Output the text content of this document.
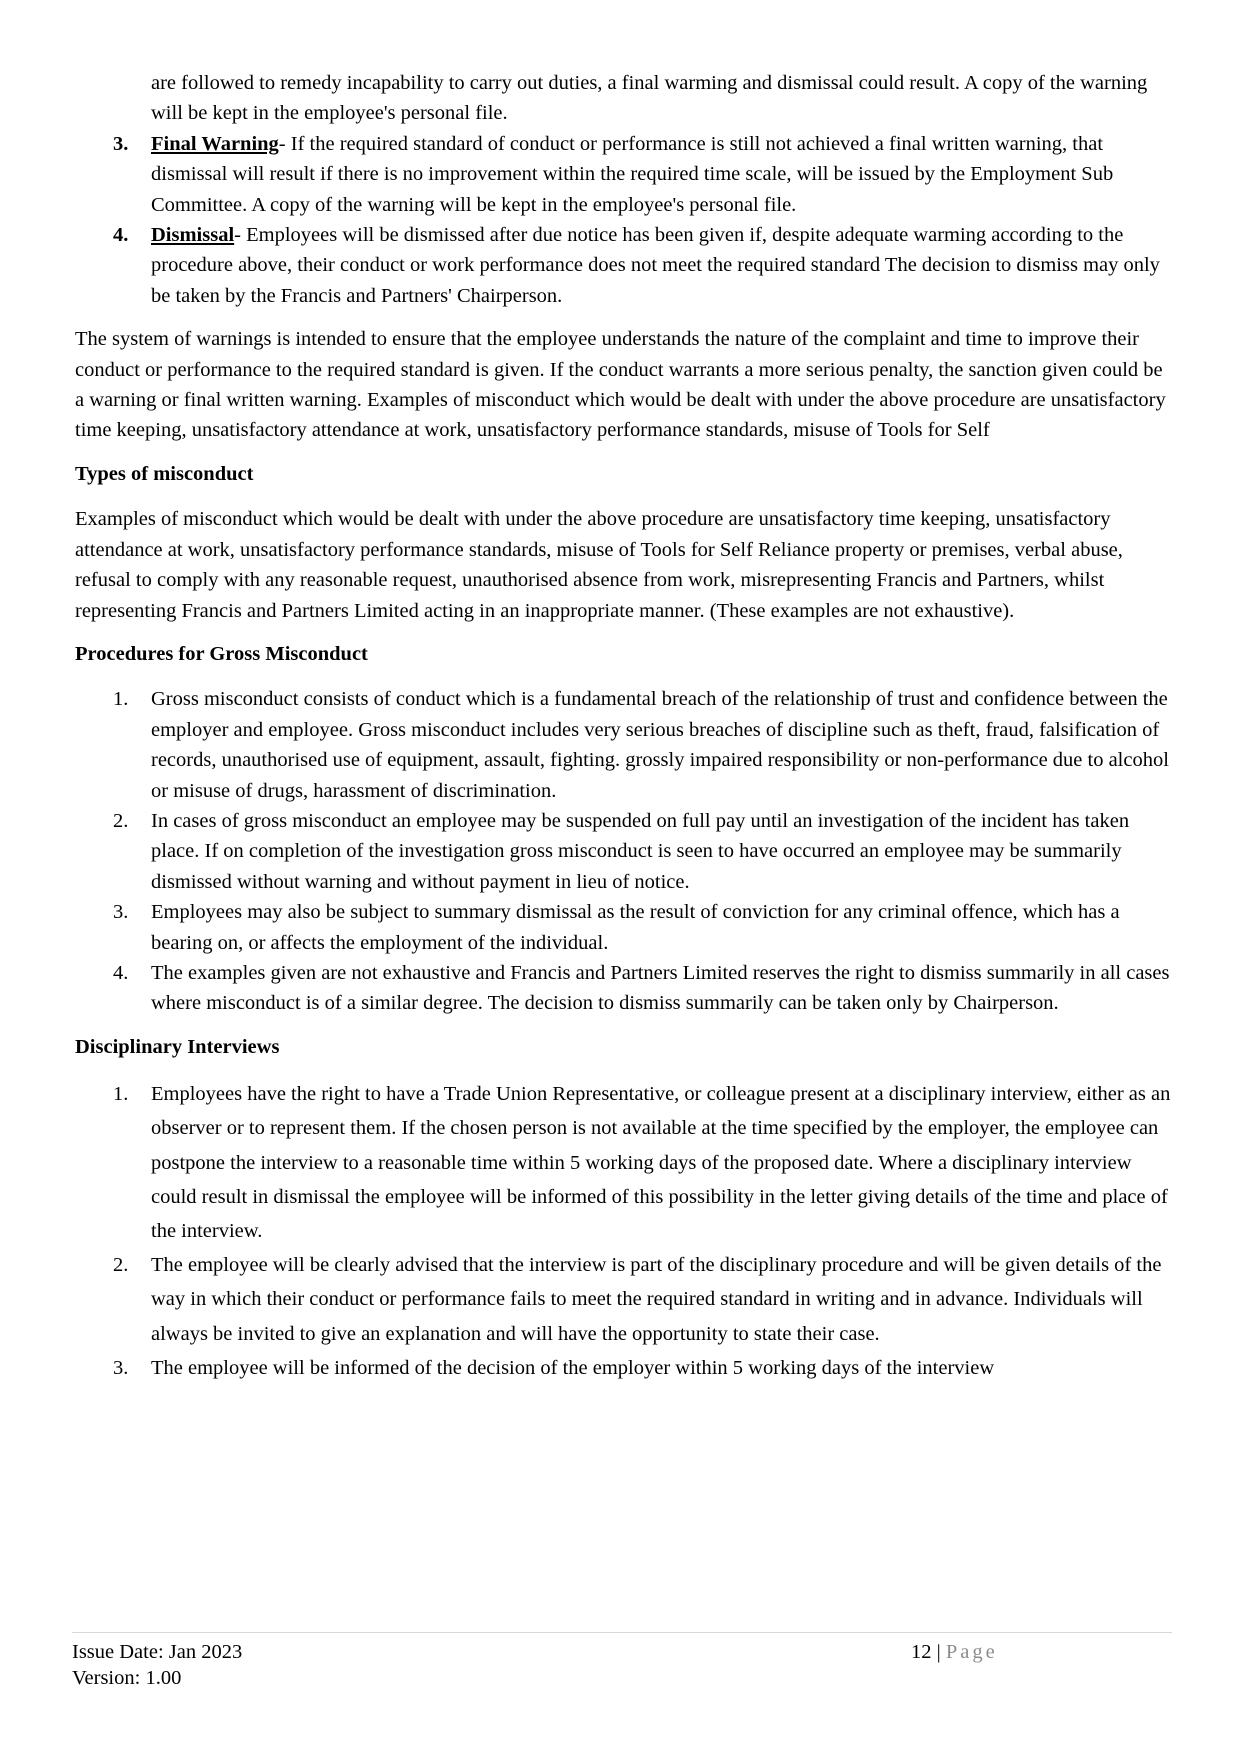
are followed to remedy incapability to carry out duties, a final warming and dismissal could result. A copy of the warning will be kept in the employee's personal file.
3. Final Warning- If the required standard of conduct or performance is still not achieved a final written warning, that dismissal will result if there is no improvement within the required time scale, will be issued by the Employment Sub Committee. A copy of the warning will be kept in the employee's personal file.
4. Dismissal- Employees will be dismissed after due notice has been given if, despite adequate warming according to the procedure above, their conduct or work performance does not meet the required standard The decision to dismiss may only be taken by the Francis and Partners' Chairperson.

The system of warnings is intended to ensure that the employee understands the nature of the complaint and time to improve their conduct or performance to the required standard is given. If the conduct warrants a more serious penalty, the sanction given could be a warning or final written warning. Examples of misconduct which would be dealt with under the above procedure are unsatisfactory time keeping, unsatisfactory attendance at work, unsatisfactory performance standards, misuse of Tools for Self

Types of misconduct

Examples of misconduct which would be dealt with under the above procedure are unsatisfactory time keeping, unsatisfactory attendance at work, unsatisfactory performance standards, misuse of Tools for Self Reliance property or premises, verbal abuse, refusal to comply with any reasonable request, unauthorised absence from work, misrepresenting Francis and Partners, whilst representing Francis and Partners Limited acting in an inappropriate manner. (These examples are not exhaustive).

Procedures for Gross Misconduct

1. Gross misconduct consists of conduct which is a fundamental breach of the relationship of trust and confidence between the employer and employee. Gross misconduct includes very serious breaches of discipline such as theft, fraud, falsification of records, unauthorised use of equipment, assault, fighting. grossly impaired responsibility or non-performance due to alcohol or misuse of drugs, harassment of discrimination.
2. In cases of gross misconduct an employee may be suspended on full pay until an investigation of the incident has taken place. If on completion of the investigation gross misconduct is seen to have occurred an employee may be summarily dismissed without warning and without payment in lieu of notice.
3. Employees may also be subject to summary dismissal as the result of conviction for any criminal offence, which has a bearing on, or affects the employment of the individual.
4. The examples given are not exhaustive and Francis and Partners Limited reserves the right to dismiss summarily in all cases where misconduct is of a similar degree. The decision to dismiss summarily can be taken only by Chairperson.

Disciplinary Interviews

1. Employees have the right to have a Trade Union Representative, or colleague present at a disciplinary interview, either as an observer or to represent them. If the chosen person is not available at the time specified by the employer, the employee can postpone the interview to a reasonable time within 5 working days of the proposed date. Where a disciplinary interview could result in dismissal the employee will be informed of this possibility in the letter giving details of the time and place of the interview.
2. The employee will be clearly advised that the interview is part of the disciplinary procedure and will be given details of the way in which their conduct or performance fails to meet the required standard in writing and in advance. Individuals will always be invited to give an explanation and will have the opportunity to state their case.
3. The employee will be informed of the decision of the employer within 5 working days of the interview

Issue Date: Jan 2023

Version: 1.00

12 | Page
